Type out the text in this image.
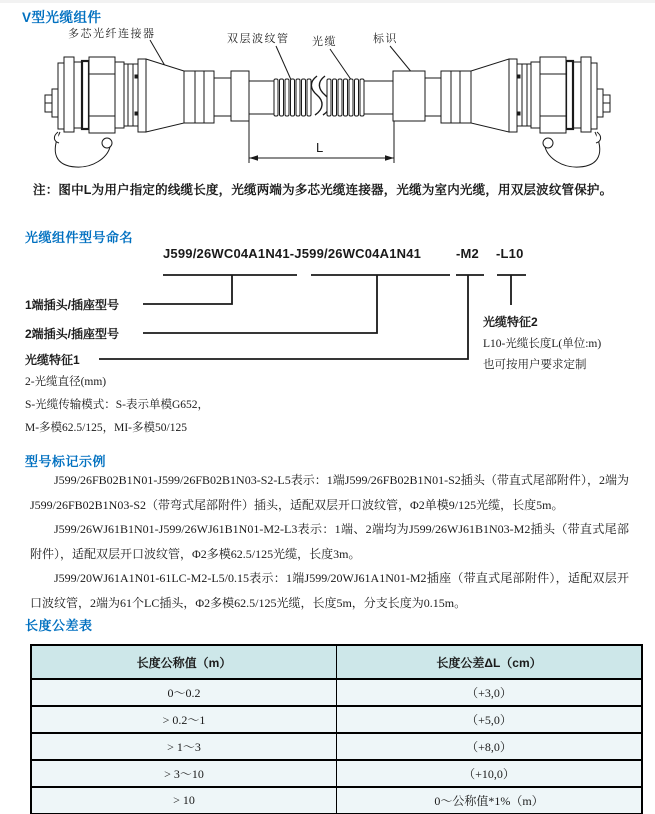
L
V型光缆组件
多芯光纤连接器	双层波纹管 光缆	标识
注：图中L为用户指定的线缆长度，光缆两端为多芯光缆连接器，光缆为室内光缆，用双层波纹管保护。
光缆组件型号命名
J599/26WC04A1N41-J599/26WC04A1N41	-M2 -L10
1端插头/插座型号
2端插头/插座型号
光缆特征1
2-光缆直径(mm)
S-光缆传输模式：S-表示单模G652，
M-多模62.5/125，MI-多模50/125
光缆特征2
L10-光缆长度L(单位:m)
也可按用户要求定制
型号标记示例

J599/26FB02B1N01-J599/26FB02B1N03-S2-L5表示：1端J599/26FB02B1N01-S2插头（带直式尾部附件），2端为J599/26FB02B1N03-S2（带弯式尾部附件）插头，适配双层开口波纹管，Φ2单模9/125光缆，长度5m。

J599/26WJ61B1N01-J599/26WJ61B1N01-M2-L3表示：1端、2端均为J599/26WJ61B1N03-M2插头（带直式尾部附件），适配双层开口波纹管，Φ2多模62.5/125光缆，长度3m。

J599/20WJ61A1N01-61LC-M2-L5/0.15表示：1端J599/20WJ61A1N01-M2插座（带直式尾部附件），适配双层开口波纹管，2端为61个LC插头，Φ2多模62.5/125光缆，长度5m，分支长度为0.15m。

长度公差表
长度公称值（m）	长度公差ΔL（cm）
0～0.2	（+3,0）
> 0.2～1	（+5,0）
> 1～3	（+8,0）
> 3～10	（+10,0）
> 10	0～公称值*1%（m）
